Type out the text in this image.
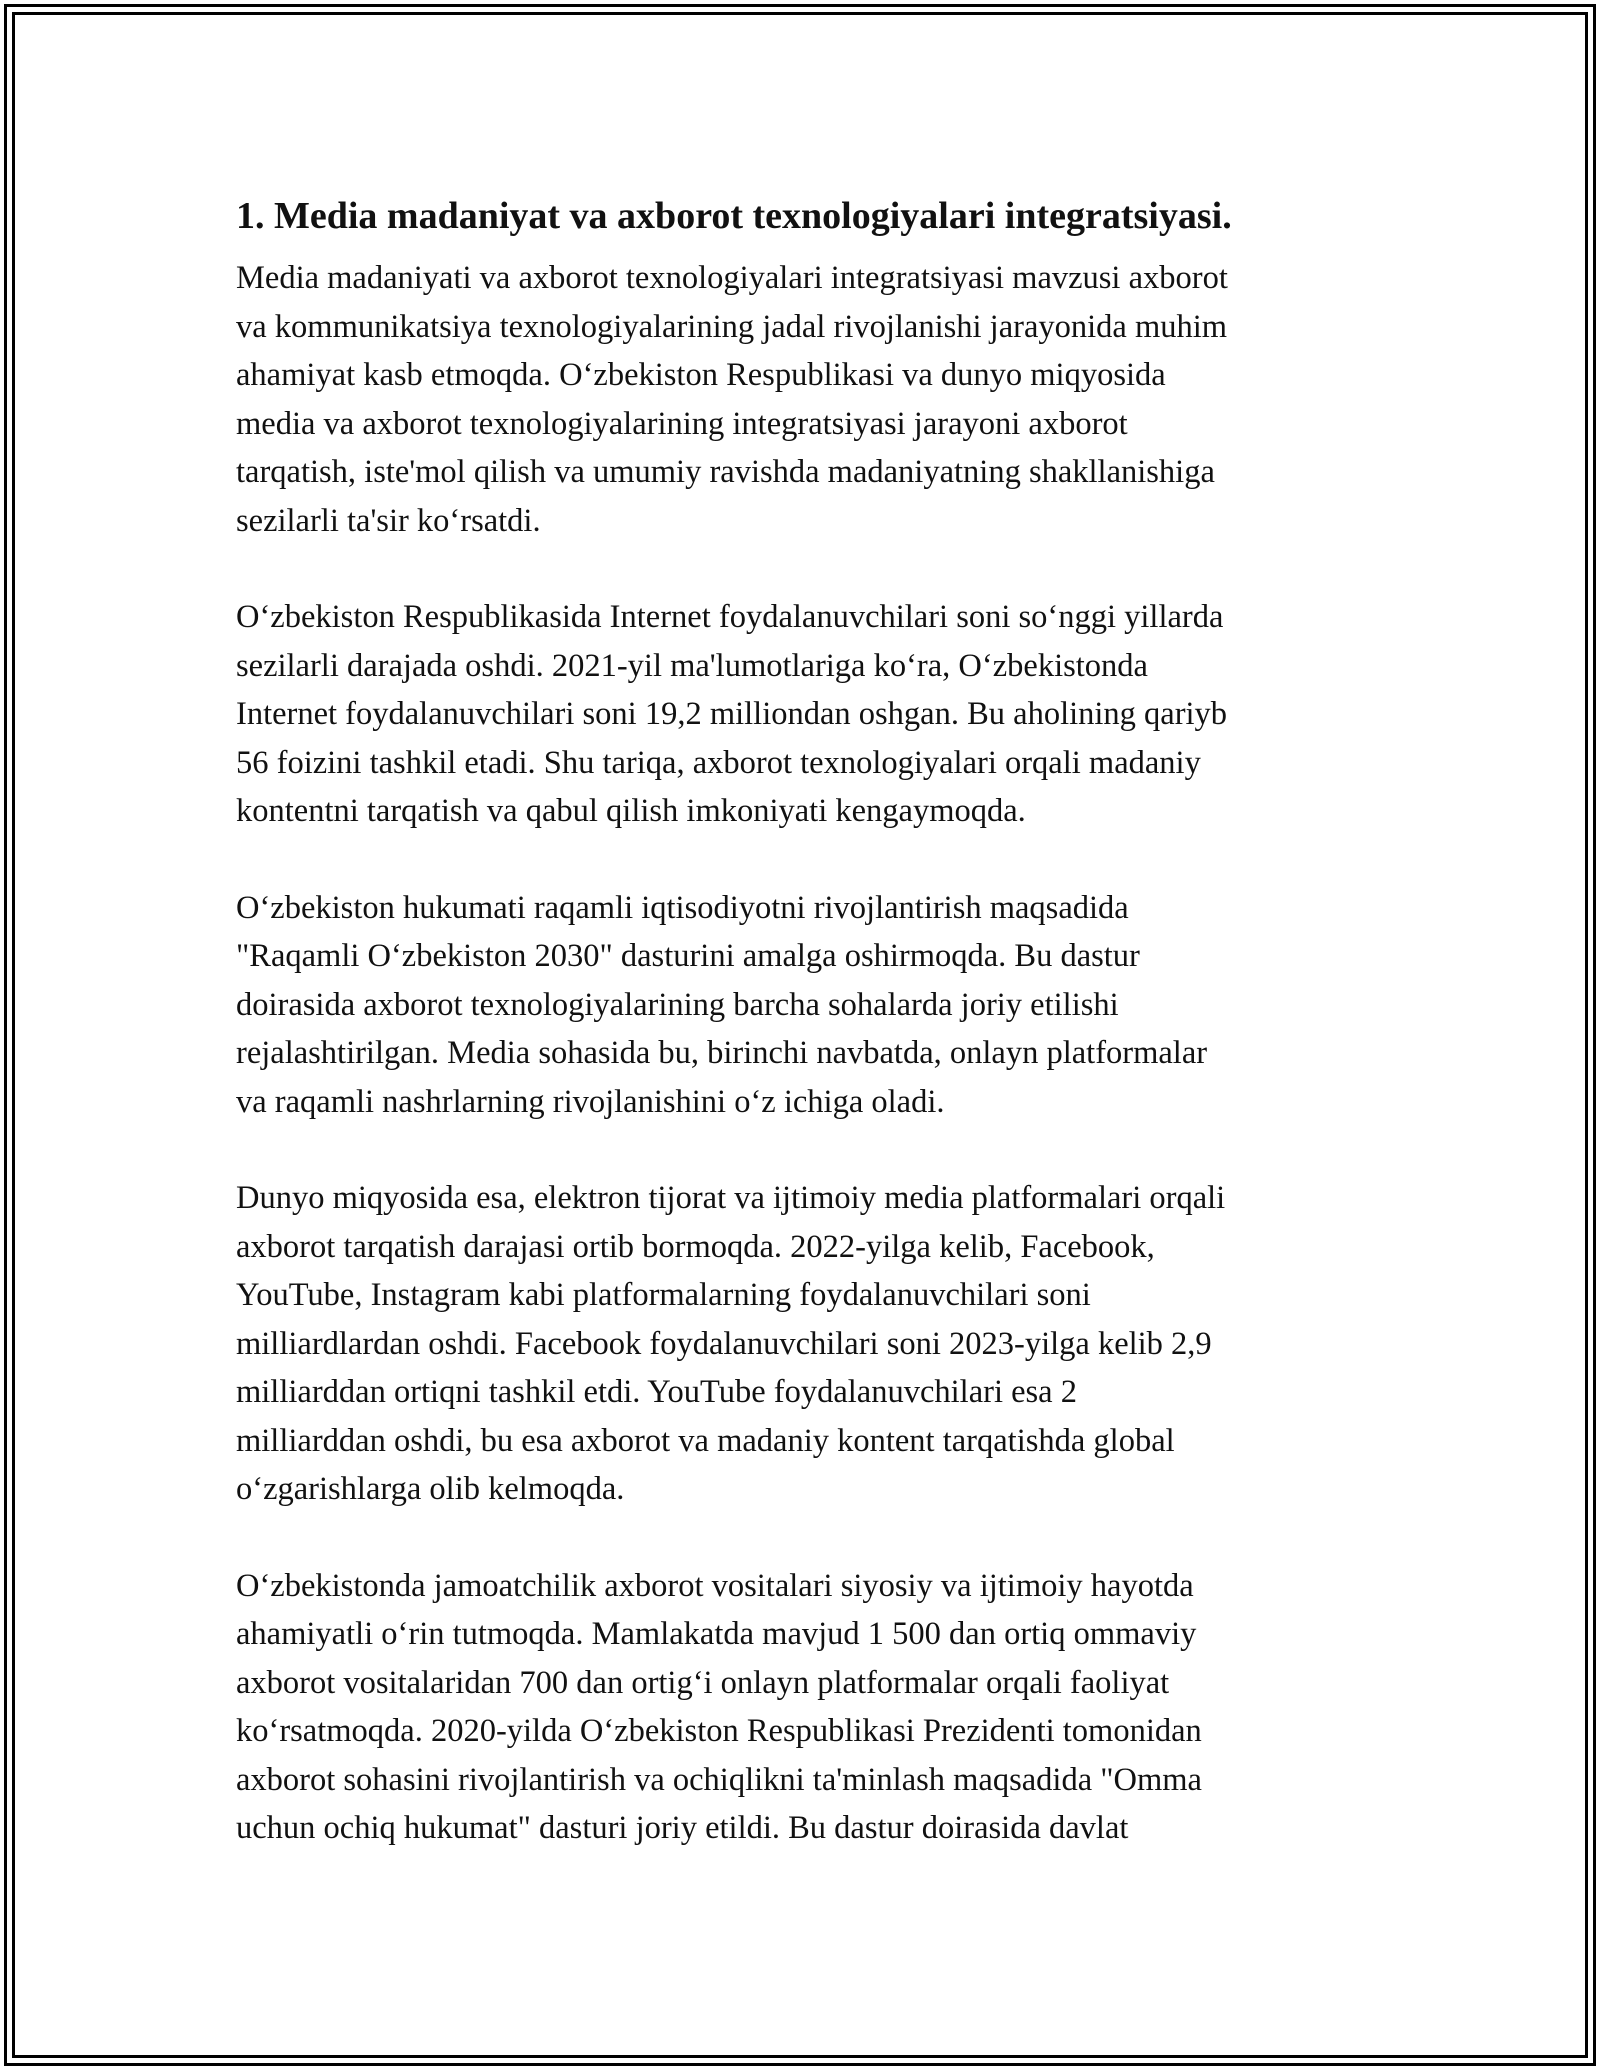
1. Media madaniyat va axborot texnologiyalari integratsiyasi.

Media madaniyati va axborot texnologiyalari integratsiyasi mavzusi axborot
va kommunikatsiya texnologiyalarining jadal rivojlanishi jarayonida muhim
ahamiyat kasb etmoqda. O‘zbekiston Respublikasi va dunyo miqyosida
media va axborot texnologiyalarining integratsiyasi jarayoni axborot
tarqatish, iste'mol qilish va umumiy ravishda madaniyatning shakllanishiga
sezilarli ta'sir ko‘rsatdi.

O‘zbekiston Respublikasida Internet foydalanuvchilari soni so‘nggi yillarda
sezilarli darajada oshdi. 2021-yil ma'lumotlariga ko‘ra, O‘zbekistonda
Internet foydalanuvchilari soni 19,2 milliondan oshgan. Bu aholining qariyb
56 foizini tashkil etadi. Shu tariqa, axborot texnologiyalari orqali madaniy
kontentni tarqatish va qabul qilish imkoniyati kengaymoqda.

O‘zbekiston hukumati raqamli iqtisodiyotni rivojlantirish maqsadida
"Raqamli O‘zbekiston 2030" dasturini amalga oshirmoqda. Bu dastur
doirasida axborot texnologiyalarining barcha sohalarda joriy etilishi
rejalashtirilgan. Media sohasida bu, birinchi navbatda, onlayn platformalar
va raqamli nashrlarning rivojlanishini o‘z ichiga oladi.

Dunyo miqyosida esa, elektron tijorat va ijtimoiy media platformalari orqali
axborot tarqatish darajasi ortib bormoqda. 2022-yilga kelib, Facebook,
YouTube, Instagram kabi platformalarning foydalanuvchilari soni
milliardlardan oshdi. Facebook foydalanuvchilari soni 2023-yilga kelib 2,9
milliarddan ortiqni tashkil etdi. YouTube foydalanuvchilari esa 2
milliarddan oshdi, bu esa axborot va madaniy kontent tarqatishda global
o‘zgarishlarga olib kelmoqda.

O‘zbekistonda jamoatchilik axborot vositalari siyosiy va ijtimoiy hayotda
ahamiyatli o‘rin tutmoqda. Mamlakatda mavjud 1 500 dan ortiq ommaviy
axborot vositalaridan 700 dan ortig‘i onlayn platformalar orqali faoliyat
ko‘rsatmoqda. 2020-yilda O‘zbekiston Respublikasi Prezidenti tomonidan
axborot sohasini rivojlantirish va ochiqlikni ta'minlash maqsadida "Omma
uchun ochiq hukumat" dasturi joriy etildi. Bu dastur doirasida davlat
